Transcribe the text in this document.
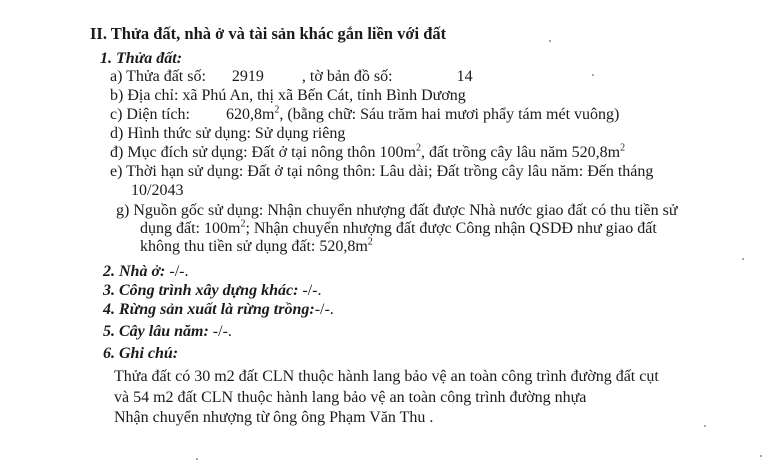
II. Thửa đất, nhà ở và tài sản khác gắn liền với đất
1. Thửa đất:
a) Thửa đất số: 2919 , tờ bản đồ số:	14
b) Địa chỉ: xã Phú An, thị xã Bến Cát, tỉnh Bình Dương
c) Diện tích: $620,8m^2$, (bằng chữ: Sáu trăm hai mươi phẩy tám mét vuông)
d) Hình thức sử dụng: Sử dụng riêng
đ) Mục đích sử dụng: Đất ở tại nông thôn $100m^2$, đất trồng cây lâu năm $520,8m^2$
e) Thời hạn sử dụng: Đất ở tại nông thôn: Lâu dài; Đất trồng cây lâu năm: Đến tháng
10/2043
g) Nguồn gốc sử dụng: Nhận chuyển nhượng đất được Nhà nước giao đất có thu tiền sử
dụng đất: $100m^2$; Nhận chuyển nhượng đất được Công nhận QSDĐ như giao đất
không thu tiền sử dụng đất: $520,8m^2$
2. Nhà ở: -/-.
3. Công trình xây dựng khác: -/-.
4. Rừng sản xuất là rừng trồng:-/-.
5. Cây lâu năm: -/-.
6. Ghi chú:
Thửa đất có 30 m2 đất CLN thuộc hành lang bảo vệ an toàn công trình đường đất cụt
và 54 m2 đất CLN thuộc hành lang bảo vệ an toàn công trình đường nhựa
Nhận chuyển nhượng từ ông ông Phạm Văn Thu .
